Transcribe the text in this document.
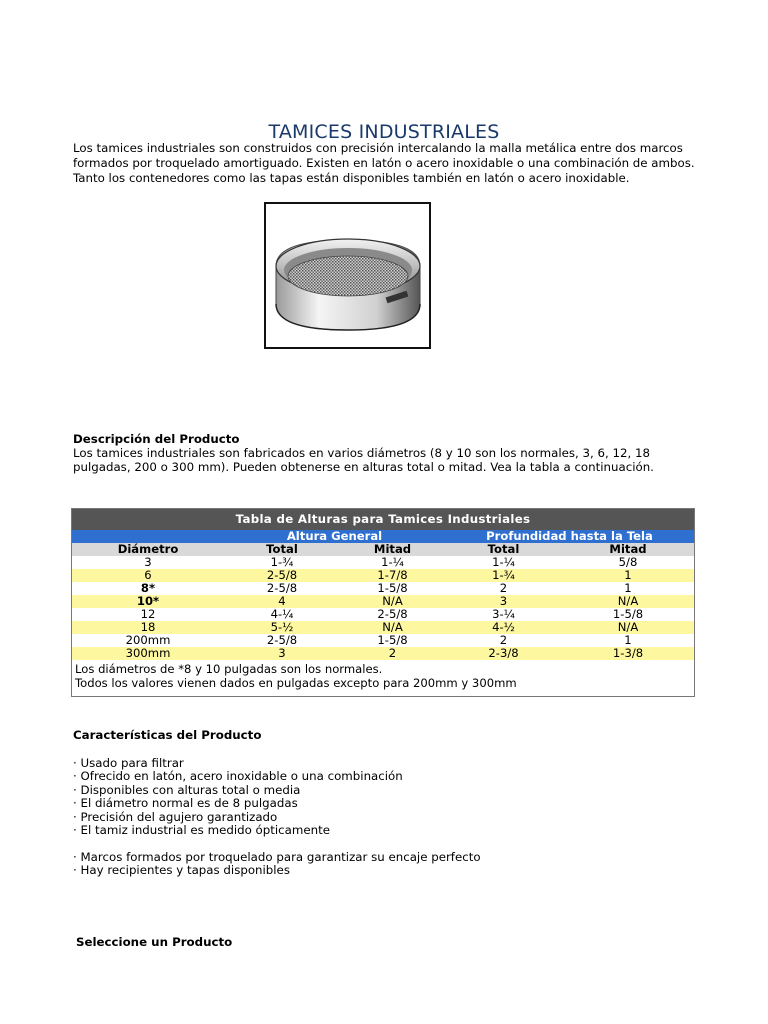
TAMICES INDUSTRIALES

Los tamices industriales son construidos con precisión intercalando la malla metálica entre dos marcos

formados por troquelado amortiguado. Existen en latón o acero inoxidable o una combinación de ambos.

Tanto los contenedores como las tapas están disponibles también en latón o acero inoxidable.

Descripción del Producto

Los tamices industriales son fabricados en varios diámetros (8 y 10 son los normales, 3, 6, 12, 18

pulgadas, 200 o 300 mm). Pueden obtenerse en alturas total o mitad. Vea la tabla a continuación.

Tabla de Alturas para Tamices Industriales				
	Altura General		Profundidad hasta la Tela	
Diámetro	Total	Mitad	Total	Mitad
3	1-¾	1-¼	1-¼	5/8
6	2-5/8	1-7/8	1-¾	1
8*	2-5/8	1-5/8	2	1
10*	4	N/A	3	N/A
12	4-¼	2-5/8	3-¼	1-5/8
18	5-½	N/A	4-½	N/A
200mm	2-5/8	1-5/8	2	1
300mm	3	2	2-3/8	1-3/8

Los diámetros de *8 y 10 pulgadas son los normales.

Todos los valores vienen dados en pulgadas excepto para 200mm y 300mm				

Características del Producto

· Usado para filtrar
· Ofrecido en latón, acero inoxidable o una combinación
· Disponibles con alturas total o media
· El diámetro normal es de 8 pulgadas
· Precisión del agujero garantizado
· El tamiz industrial es medido ópticamente
· Marcos formados por troquelado para garantizar su encaje perfecto
· Hay recipientes y tapas disponibles
Seleccione un Producto
